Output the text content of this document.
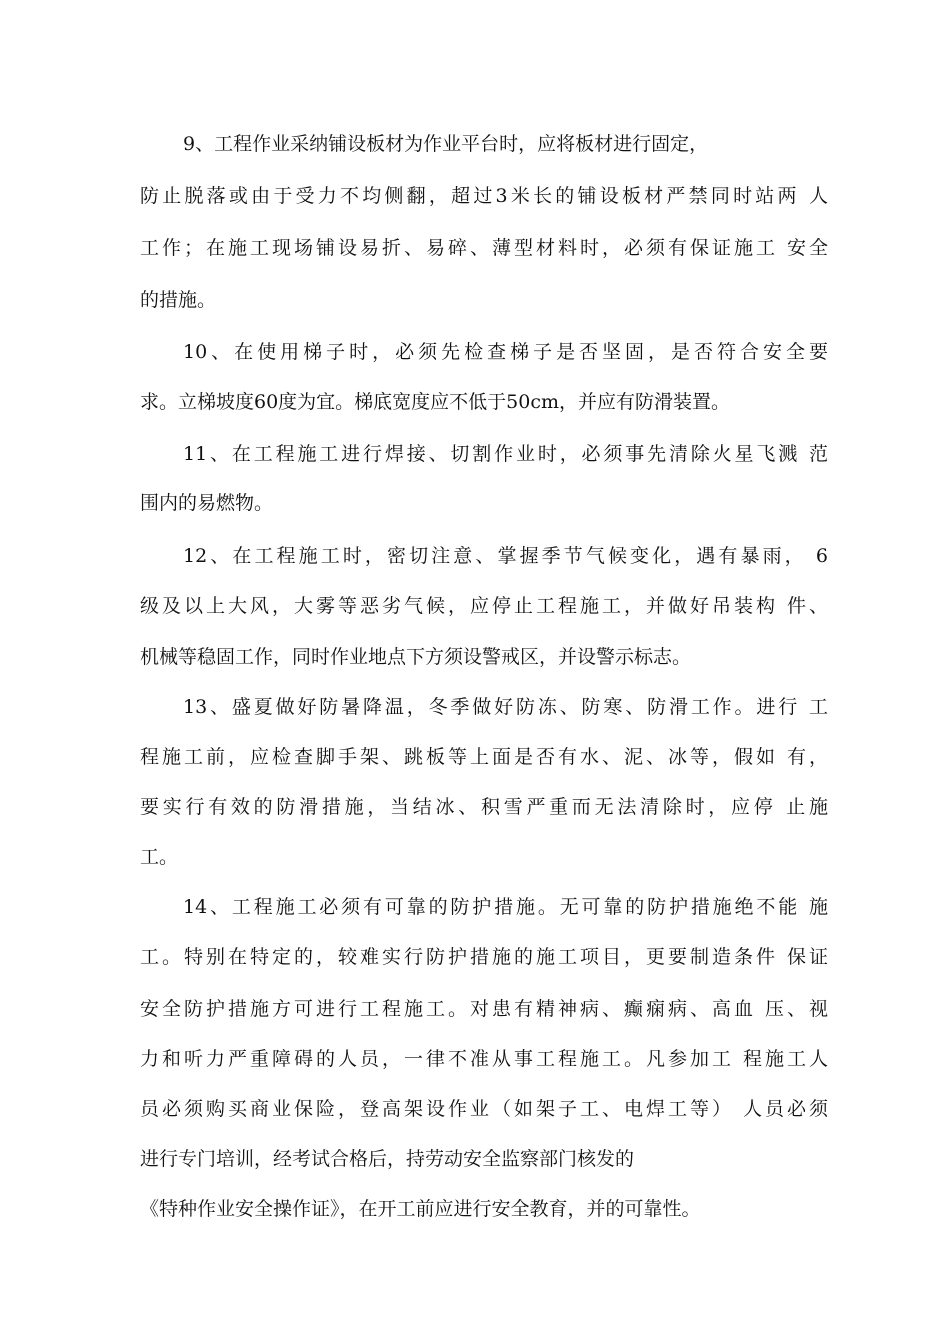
9、工程作业采纳铺设板材为作业平台时，应将板材进行固定，
防止脱落或由于受力不均侧翻，超过3米长的铺设板材严禁同时站两 人
工作；在施工现场铺设易折、易碎、薄型材料时，必须有保证施工 安全
的措施。
10、在使用梯子时，必须先检查梯子是否坚固，是否符合安全要
求。立梯坡度60度为宜。梯底宽度应不低于50cm，并应有防滑装置。
11、在工程施工进行焊接、切割作业时，必须事先清除火星飞溅 范
围内的易燃物。
12、在工程施工时，密切注意、掌握季节气候变化，遇有暴雨， 6
级及以上大风，大雾等恶劣气候，应停止工程施工，并做好吊装构 件、
机械等稳固工作，同时作业地点下方须设警戒区，并设警示标志。
13、盛夏做好防暑降温，冬季做好防冻、防寒、防滑工作。进行 工
程施工前，应检查脚手架、跳板等上面是否有水、泥、冰等，假如 有，
要实行有效的防滑措施，当结冰、积雪严重而无法清除时，应停 止施
工。
14、工程施工必须有可靠的防护措施。无可靠的防护措施绝不能 施
工。特别在特定的，较难实行防护措施的施工项目，更要制造条件 保证
安全防护措施方可进行工程施工。对患有精神病、癫痫病、高血 压、视
力和听力严重障碍的人员，一律不准从事工程施工。凡参加工 程施工人
员必须购买商业保险，登高架设作业（如架子工、电焊工等） 人员必须
进行专门培训，经考试合格后，持劳动安全监察部门核发的
《特种作业安全操作证》，在开工前应进行安全教育，并的可靠性。
